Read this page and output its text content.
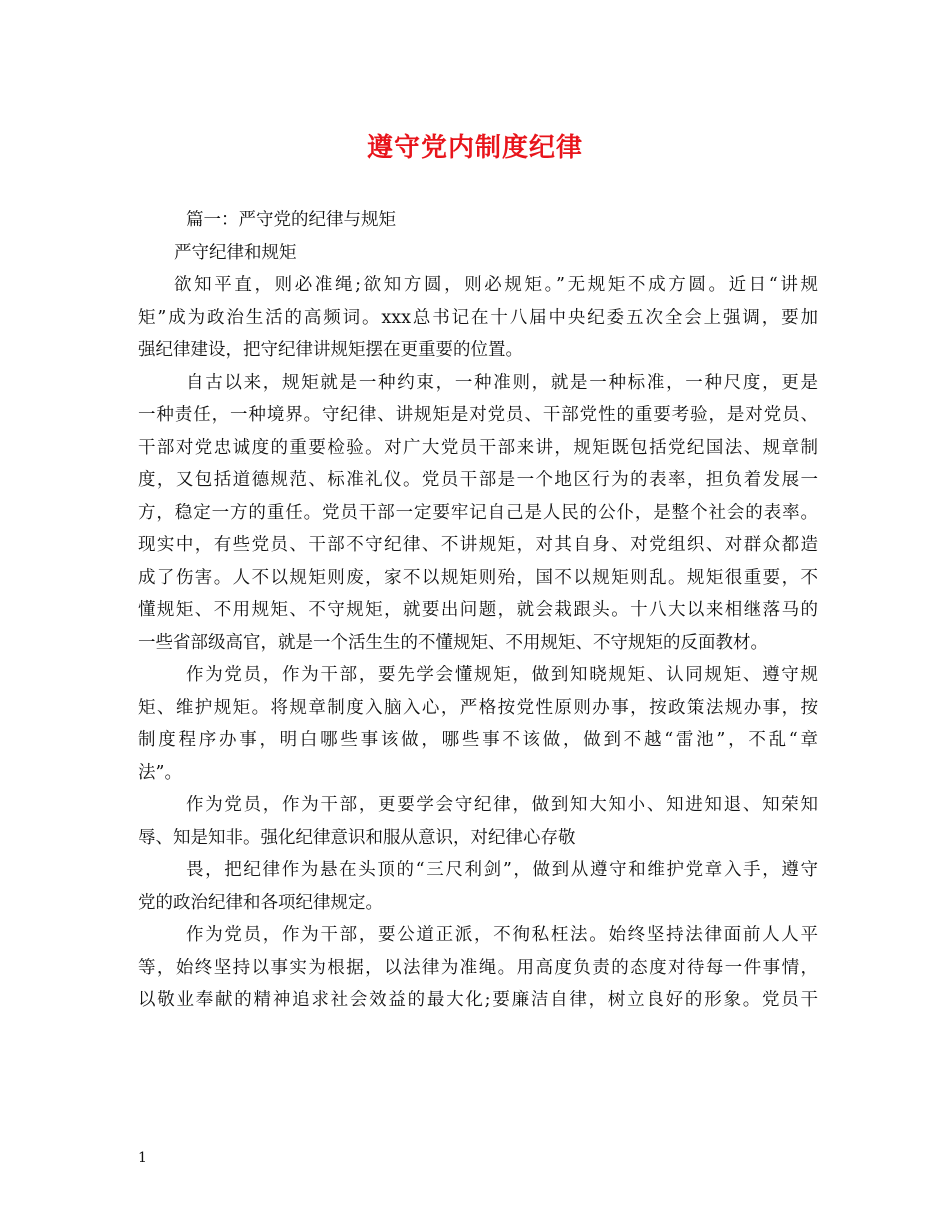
遵守党内制度纪律
篇一：严守党的纪律与规矩
严守纪律和规矩
欲知平直，则必准绳;欲知方圆，则必规矩。”无规矩不成方圆。近日“讲规
矩”成为政治生活的高频词。xxx总书记在十八届中央纪委五次全会上强调，要加
强纪律建设，把守纪律讲规矩摆在更重要的位置。
自古以来，规矩就是一种约束，一种准则，就是一种标准，一种尺度，更是
一种责任，一种境界。守纪律、讲规矩是对党员、干部党性的重要考验，是对党员、
干部对党忠诚度的重要检验。对广大党员干部来讲，规矩既包括党纪国法、规章制
度，又包括道德规范、标准礼仪。党员干部是一个地区行为的表率，担负着发展一
方，稳定一方的重任。党员干部一定要牢记自己是人民的公仆，是整个社会的表率。
现实中，有些党员、干部不守纪律、不讲规矩，对其自身、对党组织、对群众都造
成了伤害。人不以规矩则废，家不以规矩则殆，国不以规矩则乱。规矩很重要，不
懂规矩、不用规矩、不守规矩，就要出问题，就会栽跟头。十八大以来相继落马的
一些省部级高官，就是一个活生生的不懂规矩、不用规矩、不守规矩的反面教材。
作为党员，作为干部，要先学会懂规矩，做到知晓规矩、认同规矩、遵守规
矩、维护规矩。将规章制度入脑入心，严格按党性原则办事，按政策法规办事，按
制度程序办事，明白哪些事该做，哪些事不该做，做到不越“雷池”，不乱“章
法”。
作为党员，作为干部，更要学会守纪律，做到知大知小、知进知退、知荣知
辱、知是知非。强化纪律意识和服从意识，对纪律心存敬
畏，把纪律作为悬在头顶的“三尺利剑”，做到从遵守和维护党章入手，遵守
党的政治纪律和各项纪律规定。
作为党员，作为干部，要公道正派，不徇私枉法。始终坚持法律面前人人平
等，始终坚持以事实为根据，以法律为准绳。用高度负责的态度对待每一件事情，
以敬业奉献的精神追求社会效益的最大化;要廉洁自律，树立良好的形象。党员干
1
